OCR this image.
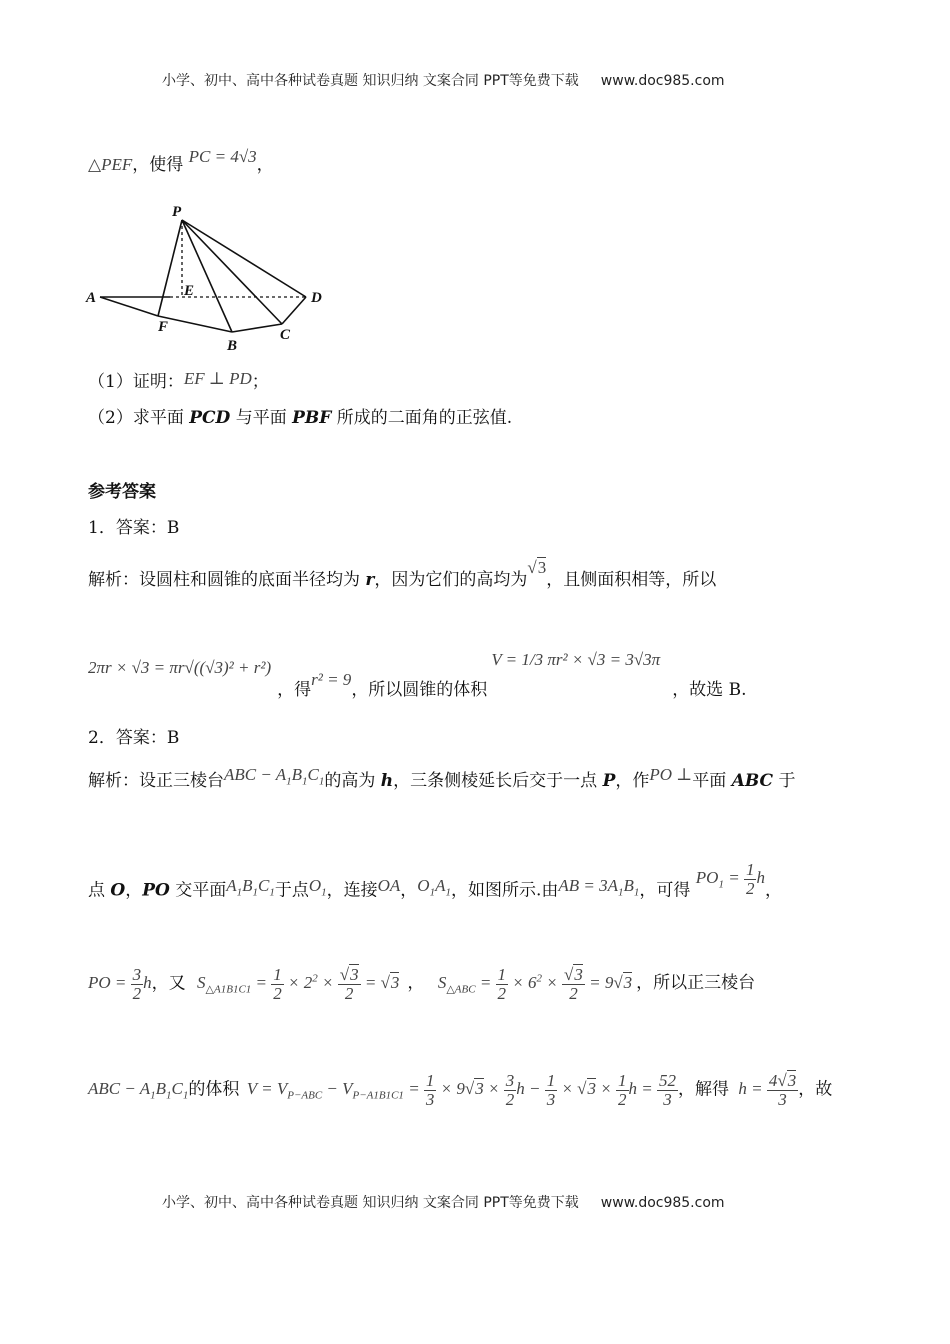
小学、初中、高中各种试卷真题 知识归纳 文案合同 PPT等免费下载 www.doc985.com
△PEF，使得 PC = 4√3，
P
E
A
F
B
C
D
（1）证明：EF ⊥ PD；
（2）求平面 PCD 与平面 PBF 所成的二面角的正弦值.
参考答案
1．答案：B
解析：设圆柱和圆锥的底面半径均为 r，因为它们的高均为√3，且侧面积相等，所以
2πr × √3 = πr√((√3)² + r²)，得r² = 9，所以圆锥的体积V = 1/3 πr² × √3 = 3√3π，故选 B.
2．答案：B
解析：设正三棱台ABC − $A_1B_1C_1$的高为 h，三条侧棱延长后交于一点 P，作PO ⊥平面 ABC 于
点 O，PO 交平面$A_1B_1C_1$于点$O_1$，连接OA，$O_1A_1$，如图所示.由AB = $3A_1B_1$，可得 $PO_1 = \frac{1}{2}$ h，
PO = $\frac{3}{2}$ h，又 $S_{\triangle A1B1C1} = \frac{1}{2} \times 2^2 \times \frac{√3}{2} = √3$ ， $S_{\triangle ABC} = \frac{1}{2} \times 6^2 \times \frac{√3}{2} = 9√3$ ，所以正三棱台
ABC − $A_1B_1C_1$的体积 $V = V_{P-ABC} - V_{P-A1B1C1} = \frac{1}{3} \times 9√3 \times \frac{3}{2}$ $h - \frac{1}{3} \times √3 \times \frac{1}{2}$ $h = \frac{52}{3}$ ，解得 $h = \frac{4√3}{3}$ ，故
小学、初中、高中各种试卷真题 知识归纳 文案合同 PPT等免费下载 www.doc985.com
